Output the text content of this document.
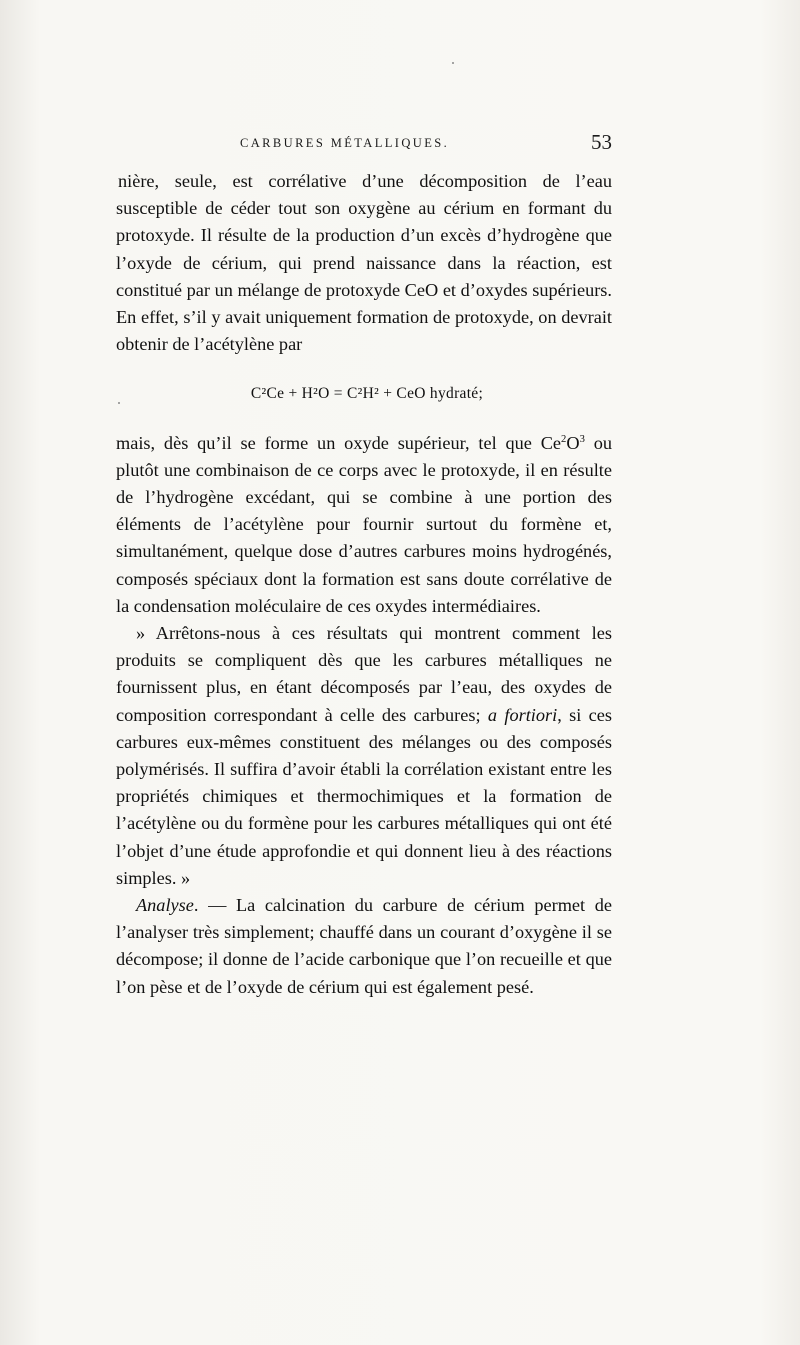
CARBURES MÉTALLIQUES.	53

nière, seule, est corrélative d’une décomposition de l’eau susceptible de céder tout son oxygène au cérium en formant du protoxyde. Il résulte de la production d’un excès d’hydrogène que l’oxyde de cérium, qui prend naissance dans la réaction, est constitué par un mélange de protoxyde CeO et d’oxydes supérieurs. En effet, s’il y avait uniquement formation de protoxyde, on devrait obtenir de l’acétylène par

C²Ce + H²O = C²H² + CeO hydraté;

mais, dès qu’il se forme un oxyde supérieur, tel que $Ce^2O^3$ ou plutôt une combinaison de ce corps avec le protoxyde, il en résulte de l’hydrogène excédant, qui se combine à une portion des éléments de l’acétylène pour fournir surtout du formène et, simultanément, quelque dose d’autres carbures moins hydrogénés, composés spéciaux dont la formation est sans doute corrélative de la condensation moléculaire de ces oxydes intermédiaires.

» Arrêtons-nous à ces résultats qui montrent comment les produits se compliquent dès que les carbures métalliques ne fournissent plus, en étant décomposés par l’eau, des oxydes de composition correspondant à celle des carbures; a fortiori, si ces carbures eux-mêmes constituent des mélanges ou des composés polymérisés. Il suffira d’avoir établi la corrélation existant entre les propriétés chimiques et thermochimiques et la formation de l’acétylène ou du formène pour les carbures métalliques qui ont été l’objet d’une étude approfondie et qui donnent lieu à des réactions simples. »

Analyse. — La calcination du carbure de cérium permet de l’analyser très simplement; chauffé dans un courant d’oxygène il se décompose; il donne de l’acide carbonique que l’on recueille et que l’on pèse et de l’oxyde de cérium qui est également pesé.
